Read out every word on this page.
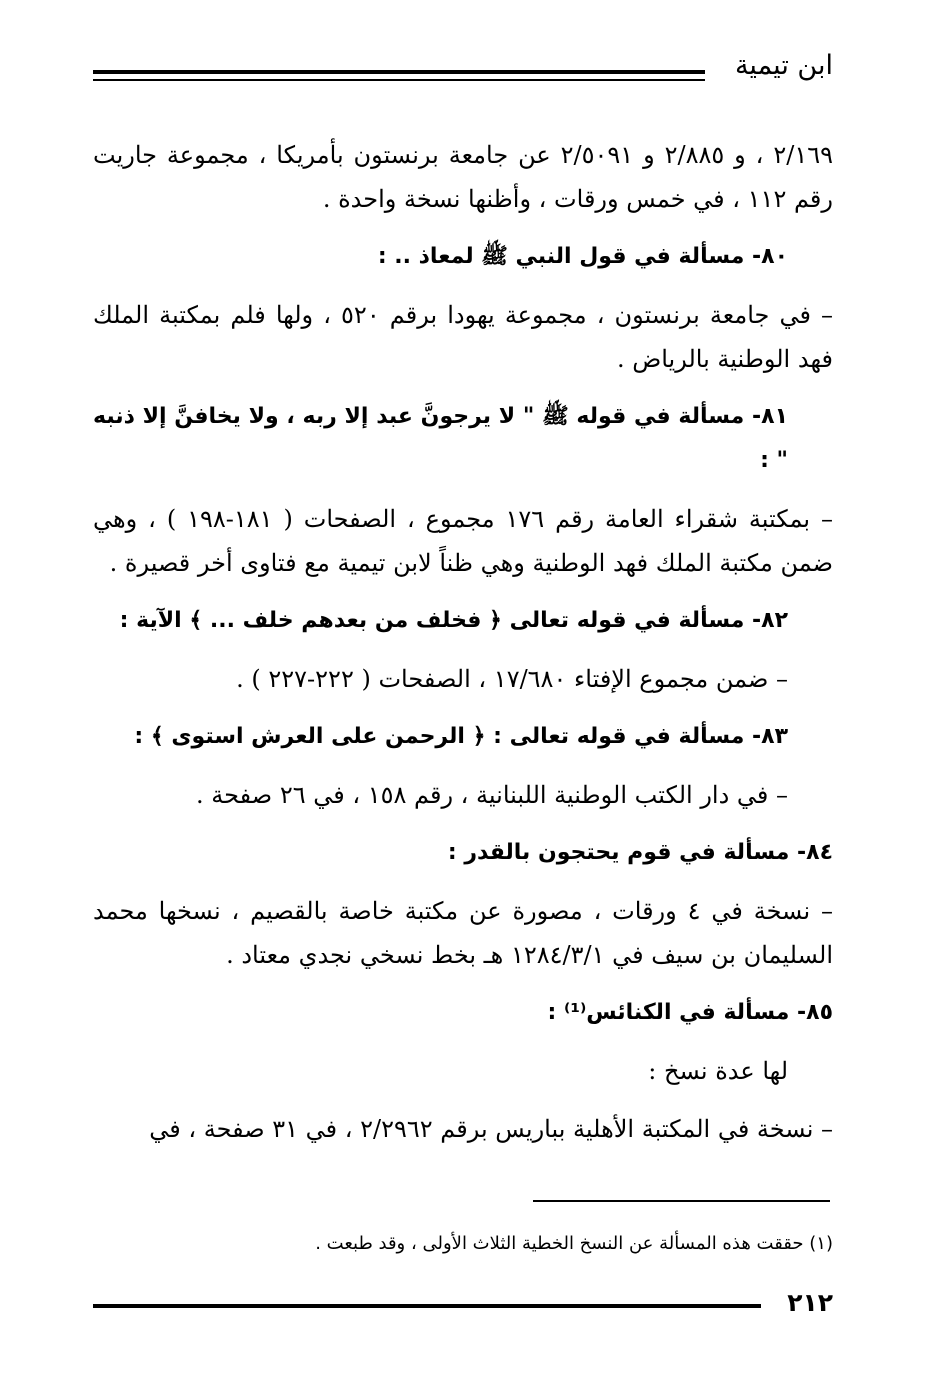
ابن تيمية

٢/١٦٩ ، و ٢/٨٨٥ و ٢/٥٠٩١ عن جامعة برنستون بأمريكا ، مجموعة جاريت رقم ١١٢ ، في خمس ورقات ، وأظنها نسخة واحدة .

٨٠- مسألة في قول النبي ﷺ لمعاذ .. :

– في جامعة برنستون ، مجموعة يهودا برقم ٥٢٠ ، ولها فلم بمكتبة الملك فهد الوطنية بالرياض .

٨١- مسألة في قوله ﷺ " لا يرجونَّ عبد إلا ربه ، ولا يخافنَّ إلا ذنبه " :

– بمكتبة شقراء العامة رقم ١٧٦ مجموع ، الصفحات ( ١٨١-١٩٨ ) ، وهي ضمن مكتبة الملك فهد الوطنية وهي ظناً لابن تيمية مع فتاوى أخر قصيرة .

٨٢- مسألة في قوله تعالى ﴿ فخلف من بعدهم خلف ... ﴾ الآية :

– ضمن مجموع الإفتاء ١٧/٦٨٠ ، الصفحات ( ٢٢٢-٢٢٧ ) .

٨٣- مسألة في قوله تعالى : ﴿ الرحمن على العرش استوى ﴾ :

– في دار الكتب الوطنية اللبنانية ، رقم ١٥٨ ، في ٢٦ صفحة .

٨٤- مسألة في قوم يحتجون بالقدر :

– نسخة في ٤ ورقات ، مصورة عن مكتبة خاصة بالقصيم ، نسخها محمد السليمان بن سيف في ١٢٨٤/٣/١ هـ بخط نسخي نجدي معتاد .

٨٥- مسألة في الكنائس⁽¹⁾ :

لها عدة نسخ :

– نسخة في المكتبة الأهلية بباريس برقم ٢/٢٩٦٢ ، في ٣١ صفحة ، في

(١) حققت هذه المسألة عن النسخ الخطية الثلاث الأولى ، وقد طبعت .
٢١٢
